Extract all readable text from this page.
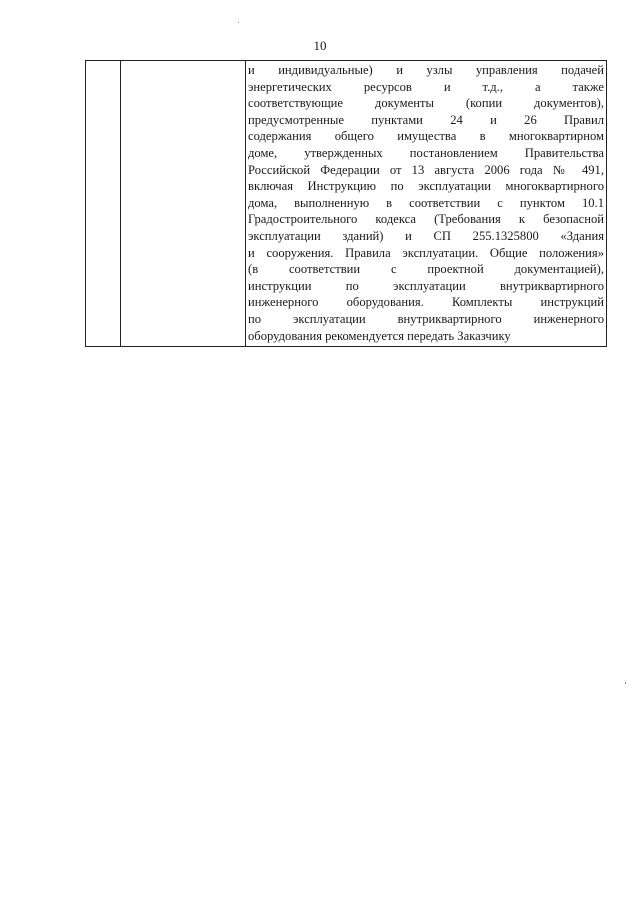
10

и индивидуальные) и узлы управления подачей
энергетических ресурсов и т.д., а также
соответствующие документы (копии документов),
предусмотренные пунктами 24 и 26 Правил
содержания общего имущества в многоквартирном
доме, утвержденных постановлением Правительства
Российской Федерации от 13 августа 2006 года № 491,
включая Инструкцию по эксплуатации многоквартирного
дома, выполненную в соответствии с пунктом 10.1
Градостроительного кодекса (Требования к безопасной
эксплуатации зданий) и СП 255.1325800 «Здания
и сооружения. Правила эксплуатации. Общие положения»
(в соответствии с проектной документацией),
инструкции по эксплуатации внутриквартирного
инженерного оборудования. Комплекты инструкций
по эксплуатации внутриквартирного инженерного
оборудования рекомендуется передать Заказчику
